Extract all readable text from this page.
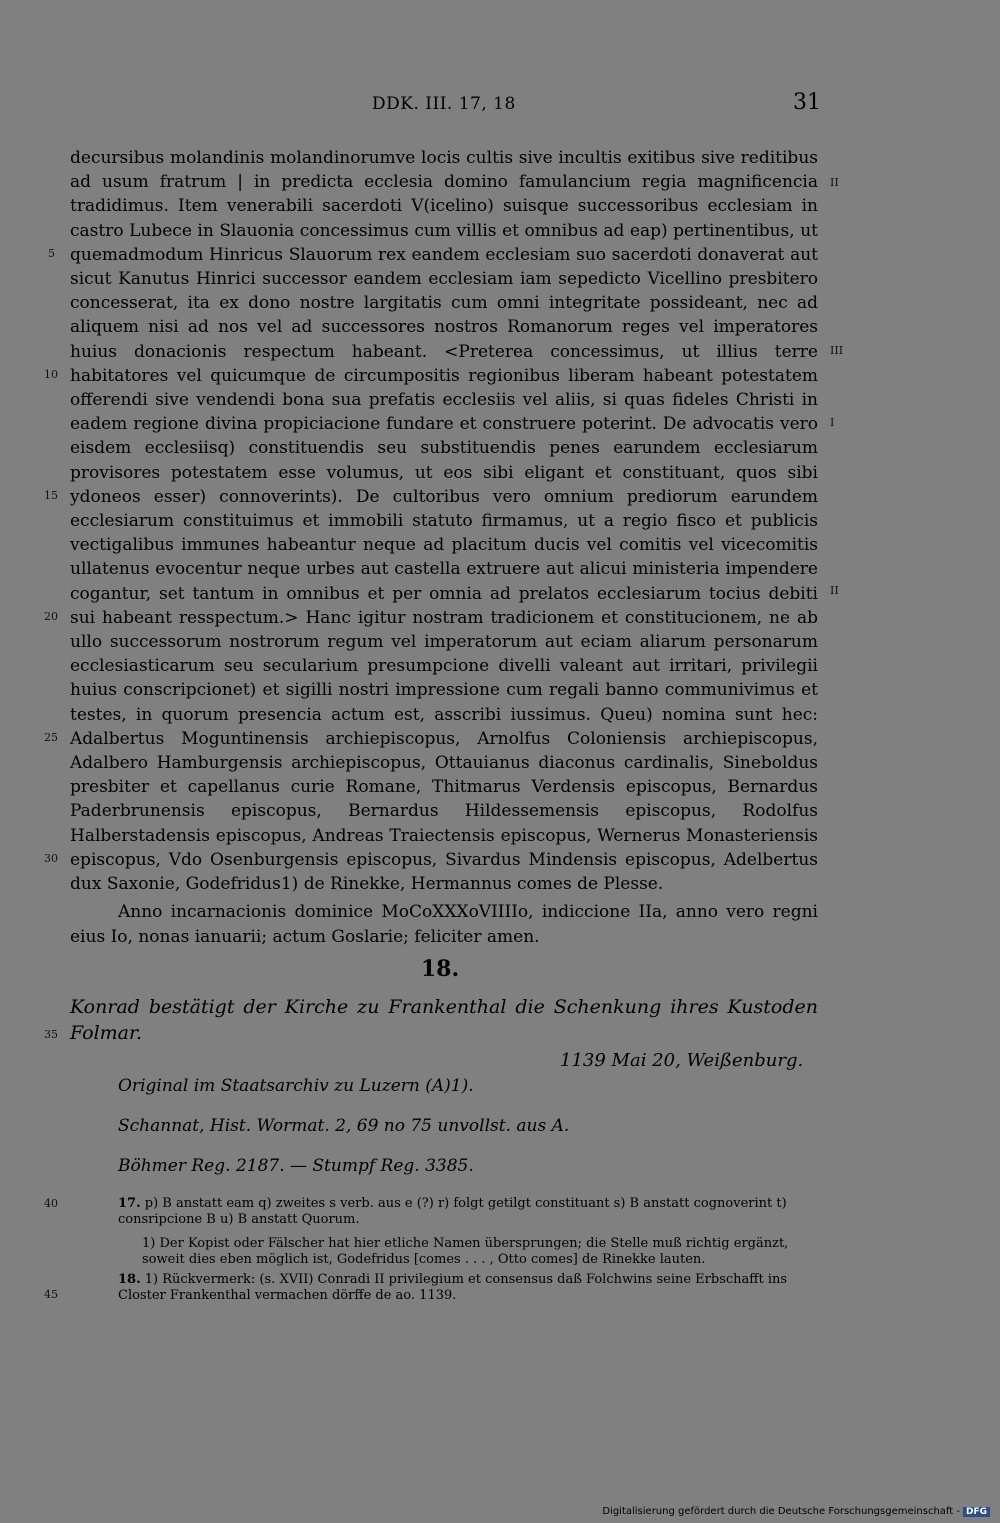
DDK. III. 17, 18	31

decursibus molandinis molandinorumve locis cultis sive incultis exitibus sive reditibus ad usum fratrum | in predicta ecclesia domino famulancium regia magnificencia tradidimus. Item venerabili sacerdoti V(icelino) suisque successoribus ecclesiam in castro Lubece in Slauonia concessimus cum villis et omnibus ad eap) pertinentibus, ut quemadmodum Hinricus Slauorum rex eandem ecclesiam suo sacerdoti donaverat aut sicut Kanutus Hinrici successor eandem ecclesiam iam sepedicto Vicellino presbitero concesserat, ita ex dono nostre largitatis cum omni integritate possideant, nec ad aliquem nisi ad nos vel ad successores nostros Romanorum reges vel imperatores huius donacionis respectum habeant. <Preterea concessimus, ut illius terre habitatores vel quicumque de circumpositis regionibus liberam habeant potestatem offerendi sive vendendi bona sua prefatis ecclesiis vel aliis, si quas fideles Christi in eadem regione divina propiciacione fundare et construere poterint. De advocatis vero eisdem ecclesiisq) constituendis seu substituendis penes earundem ecclesiarum provisores potestatem esse volumus, ut eos sibi eligant et constituant, quos sibi ydoneos esser) connoverints). De cultoribus vero omnium prediorum earundem ecclesiarum constituimus et immobili statuto firmamus, ut a regio fisco et publicis vectigalibus immunes habeantur neque ad placitum ducis vel comitis vel vicecomitis ullatenus evocentur neque urbes aut castella extruere aut alicui ministeria impendere cogantur, set tantum in omnibus et per omnia ad prelatos ecclesiarum tocius debiti sui habeant resspectum.> Hanc igitur nostram tradicionem et constitucionem, ne ab ullo successorum nostrorum regum vel imperatorum aut eciam aliarum personarum ecclesiasticarum seu secularium presumpcione divelli valeant aut irritari, privilegii huius conscripcionet) et sigilli nostri impressione cum regali banno communivimus et testes, in quorum presencia actum est, asscribi iussimus. Queu) nomina sunt hec: Adalbertus Moguntinensis archiepiscopus, Arnolfus Coloniensis archiepiscopus, Adalbero Hamburgensis archiepiscopus, Ottauianus diaconus cardinalis, Sineboldus presbiter et capellanus curie Romane, Thitmarus Verdensis episcopus, Bernardus Paderbrunensis episcopus, Bernardus Hildessemensis episcopus, Rodolfus Halberstadensis episcopus, Andreas Traiectensis episcopus, Wernerus Monasteriensis episcopus, Vdo Osenburgensis episcopus, Sivardus Mindensis episcopus, Adelbertus dux Saxonie, Godefridus1) de Rinekke, Hermannus comes de Plesse.

Anno incarnacionis dominice MoCoXXXoVIIIIo, indiccione IIa, anno vero regni eius Io, nonas ianuarii; actum Goslarie; feliciter amen.

5
10
15
20
25
30
35
40
45
II
III
I
II
18.
Konrad bestätigt der Kirche zu Frankenthal die Schenkung ihres Kustoden Folmar.
1139 Mai 20, Weißenburg.
Original im Staatsarchiv zu Luzern (A)1).
Schannat, Hist. Wormat. 2, 69 no 75 unvollst. aus A.
Böhmer Reg. 2187. — Stumpf Reg. 3385.
17. p) B anstatt eam q) zweites s verb. aus e (?) r) folgt getilgt constituant s) B anstatt cognoverint t) consripcione B u) B anstatt Quorum.
1) Der Kopist oder Fälscher hat hier etliche Namen übersprungen; die Stelle muß richtig ergänzt, soweit dies eben möglich ist, Godefridus [comes . . . , Otto comes] de Rinekke lauten.
18. 1) Rückvermerk: (s. XVII) Conradi II privilegium et consensus daß Folchwins seine Erbschafft ins Closter Frankenthal vermachen dörffe de ao. 1139.
Digitalisierung gefördert durch die Deutsche Forschungsgemeinschaft - DFG
